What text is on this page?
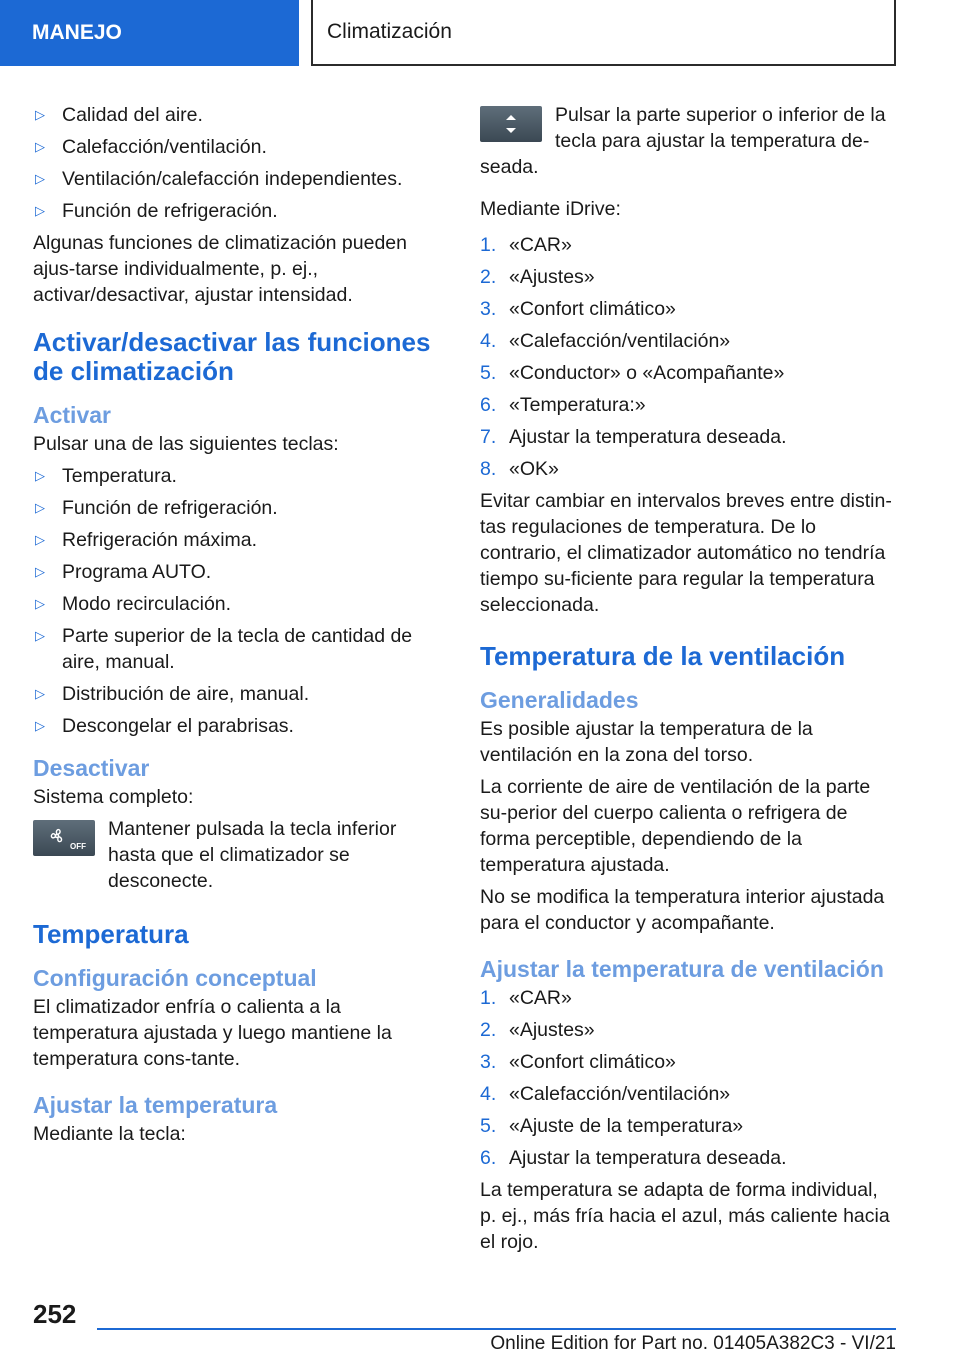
MANEJO	Climatización
▷ Calidad del aire.
▷ Calefacción/ventilación.
▷ Ventilación/calefacción independientes.
▷ Función de refrigeración.

Algunas funciones de climatización pueden ajus-tarse individualmente, p. ej., activar/desactivar, ajustar intensidad.

Activar/desactivar las funciones de climatización
Activar

Pulsar una de las siguientes teclas:

▷ Temperatura.
▷ Función de refrigeración.
▷ Refrigeración máxima.
▷ Programa AUTO.
▷ Modo recirculación.
▷ Parte superior de la tecla de cantidad de aire, manual.
▷ Distribución de aire, manual.
▷ Descongelar el parabrisas.
Desactivar

Sistema completo:

OFF

Mantener pulsada la tecla inferior hasta que el climatizador se desconecte.

Temperatura
Configuración conceptual

El climatizador enfría o calienta a la temperatura ajustada y luego mantiene la temperatura cons-tante.

Ajustar la temperatura

Mediante la tecla:

Pulsar la parte superior o inferior de la tecla para ajustar la temperatura de-seada.

Mediante iDrive:

1. «CAR»
2. «Ajustes»
3. «Confort climático»
4. «Calefacción/ventilación»
5. «Conductor» o «Acompañante»
6. «Temperatura:»
7. Ajustar la temperatura deseada.
8. «OK»

Evitar cambiar en intervalos breves entre distin-tas regulaciones de temperatura. De lo contrario, el climatizador automático no tendría tiempo su-ficiente para regular la temperatura seleccionada.

Temperatura de la ventilación
Generalidades

Es posible ajustar la temperatura de la ventilación en la zona del torso.

La corriente de aire de ventilación de la parte su-perior del cuerpo calienta o refrigera de forma perceptible, dependiendo de la temperatura ajustada.

No se modifica la temperatura interior ajustada para el conductor y acompañante.

Ajustar la temperatura de ventilación
1. «CAR»
2. «Ajustes»
3. «Confort climático»
4. «Calefacción/ventilación»
5. «Ajuste de la temperatura»
6. Ajustar la temperatura deseada.

La temperatura se adapta de forma individual, p. ej., más fría hacia el azul, más caliente hacia el rojo.

252
Online Edition for Part no. 01405A382C3 - VI/21
